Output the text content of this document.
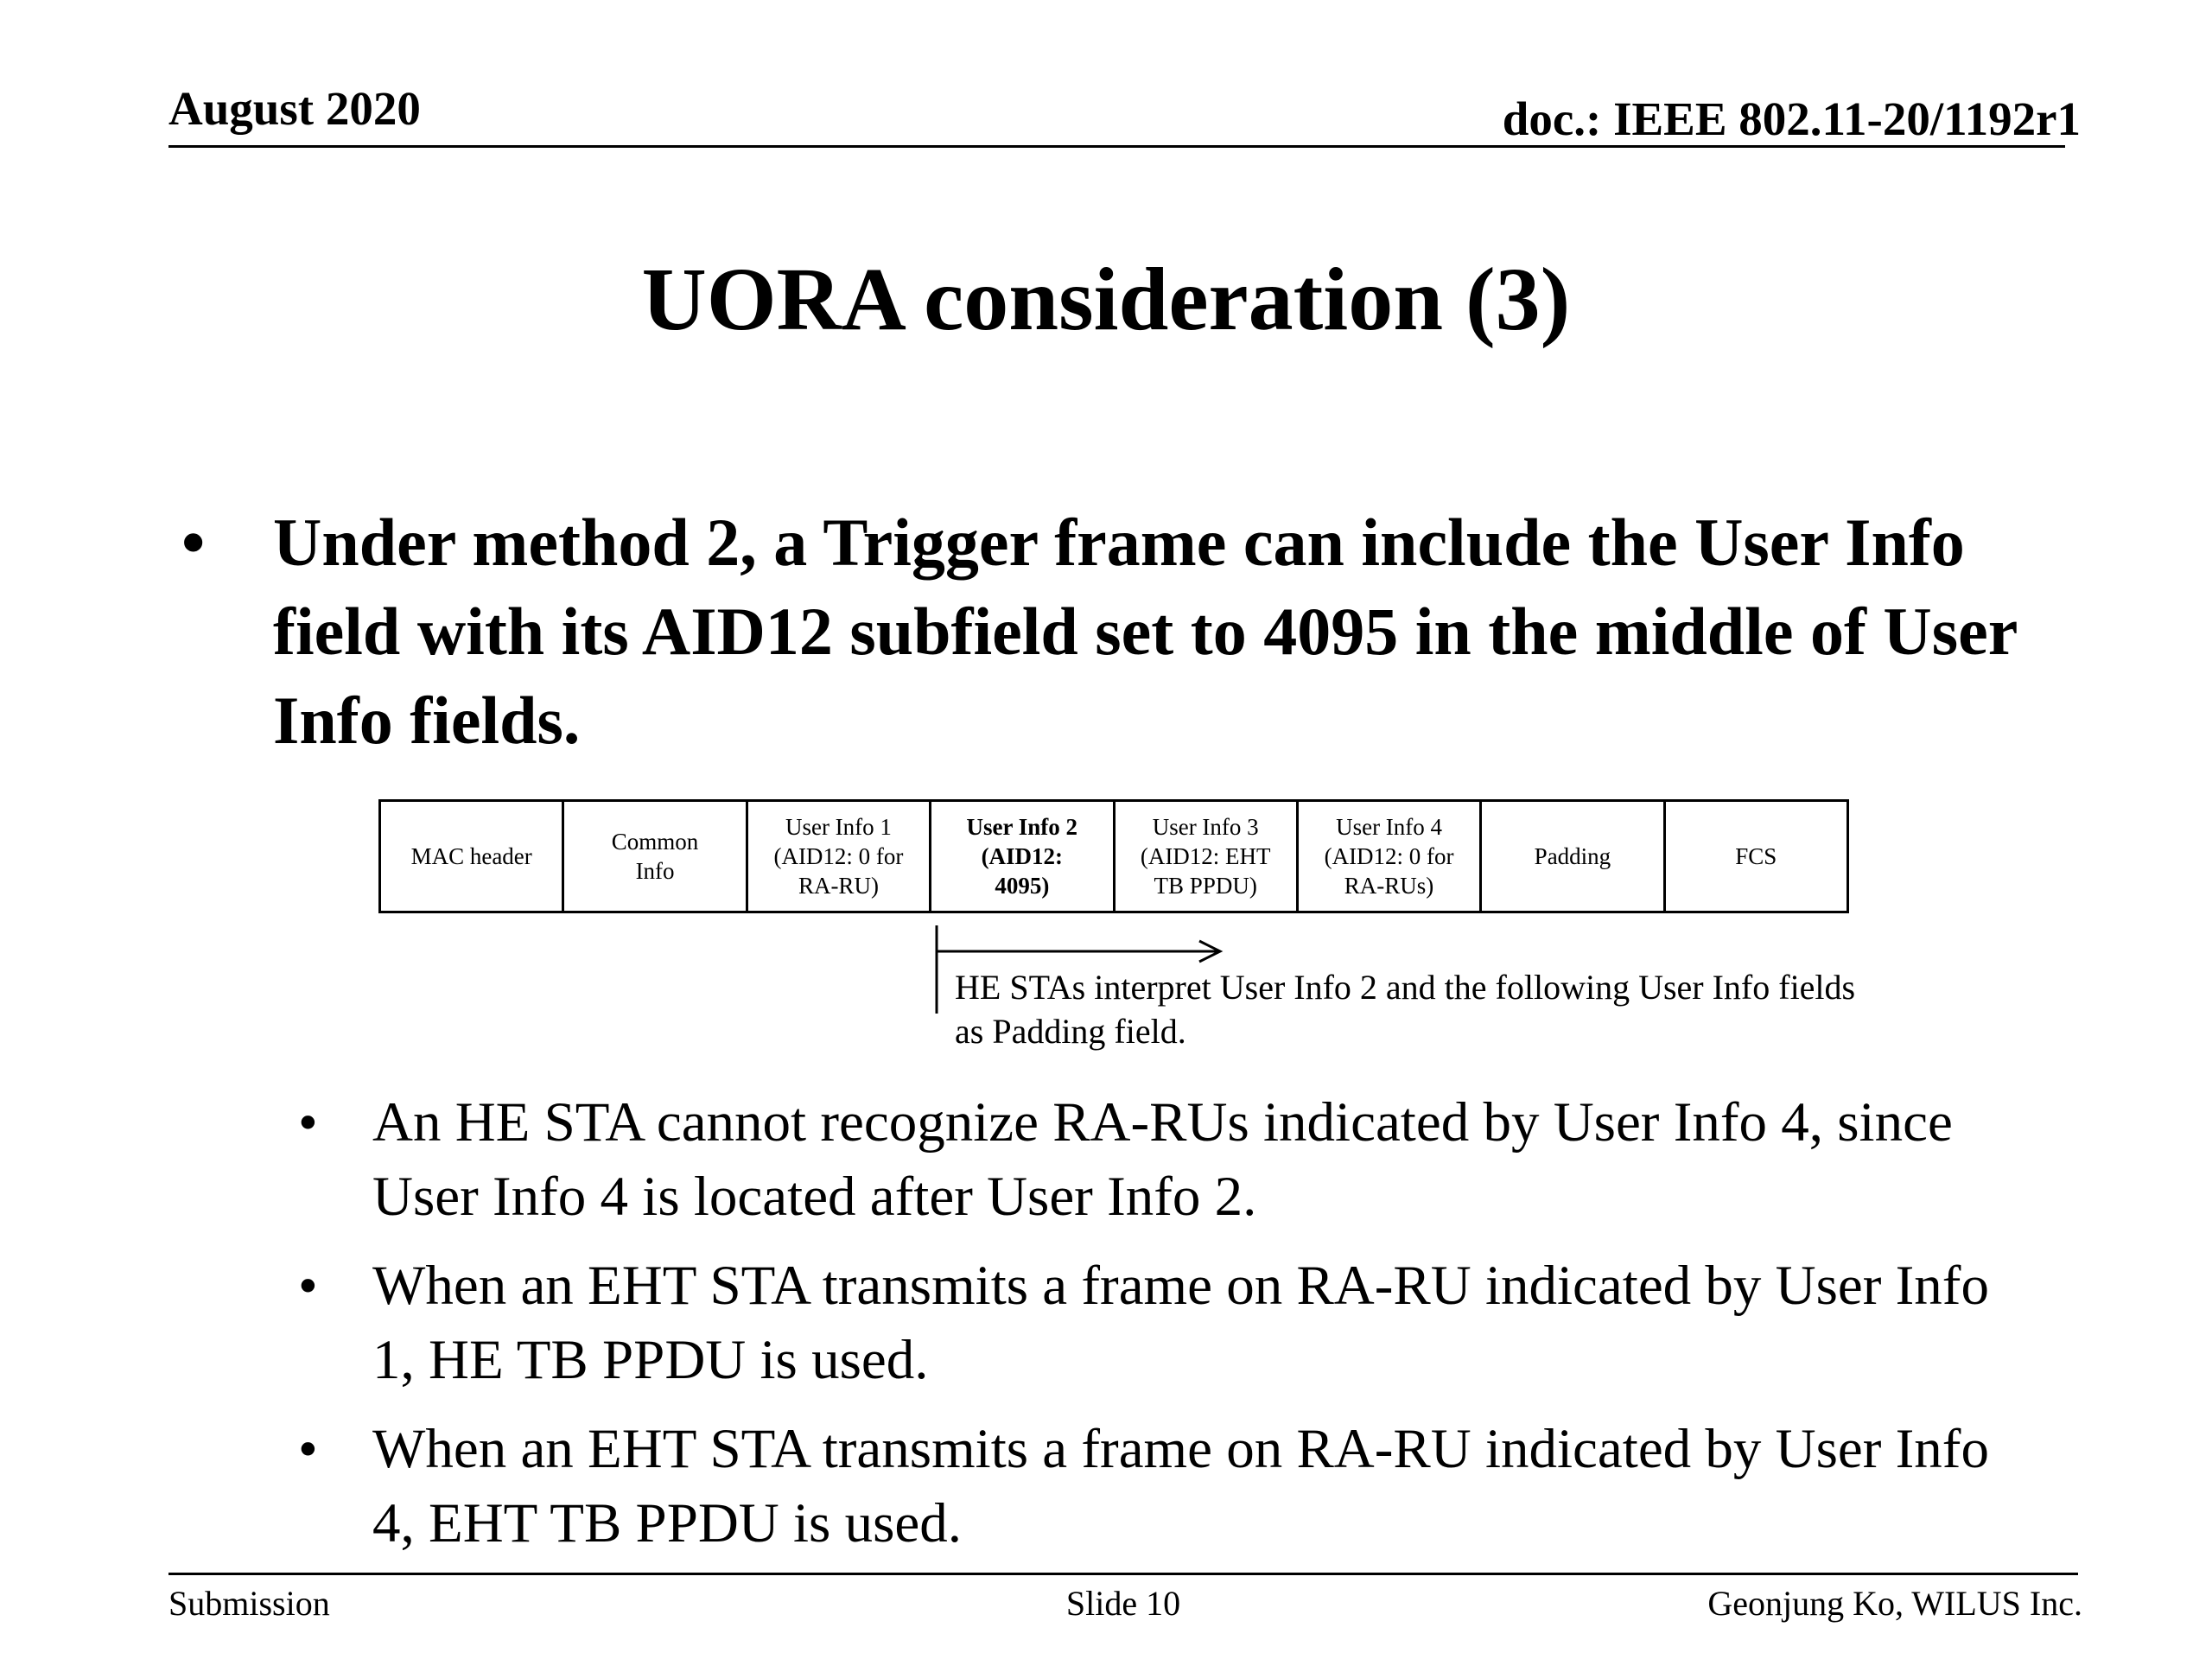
August 2020	doc.: IEEE 802.11-20/1192r1
UORA consideration (3)
• Under method 2, a Trigger frame can include the User Info field with its AID12 subfield set to 4095 in the middle of User Info fields.
MAC header

Common
Info

User Info 1
(AID12: 0 for
RA-RU)

User Info 2
(AID12:
4095)

User Info 3
(AID12: EHT
TB PPDU)

User Info 4
(AID12: 0 for
RA-RUs)

Padding	FCS
HE STAs interpret User Info 2 and the following User Info fields
as Padding field.
• An HE STA cannot recognize RA-RUs indicated by User Info 4, since User Info 4 is located after User Info 2.
• When an EHT STA transmits a frame on RA-RU indicated by User Info 1, HE TB PPDU is used.
• When an EHT STA transmits a frame on RA-RU indicated by User Info 4, EHT TB PPDU is used.
Submission	Slide 10	Geonjung Ko, WILUS Inc.
